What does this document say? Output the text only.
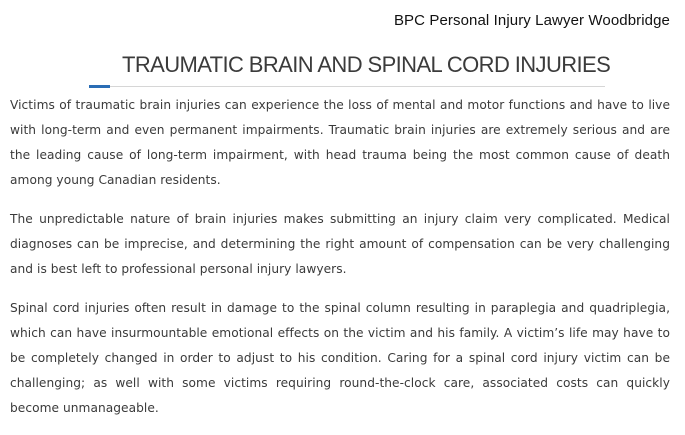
BPC Personal Injury Lawyer Woodbridge
TRAUMATIC BRAIN AND SPINAL CORD INJURIES

Victims of traumatic brain injuries can experience the loss of mental and motor functions and have to live with long-term and even permanent impairments. Traumatic brain injuries are extremely serious and are the leading cause of long-term impairment, with head trauma being the most common cause of death among young Canadian residents.

The unpredictable nature of brain injuries makes submitting an injury claim very complicated. Medical diagnoses can be imprecise, and determining the right amount of compensation can be very challenging and is best left to professional personal injury lawyers.

Spinal cord injuries often result in damage to the spinal column resulting in paraplegia and quadriplegia, which can have insurmountable emotional effects on the victim and his family. A victim’s life may have to be completely changed in order to adjust to his condition. Caring for a spinal cord injury victim can be challenging; as well with some victims requiring round-the-clock care, associated costs can quickly become unmanageable.
